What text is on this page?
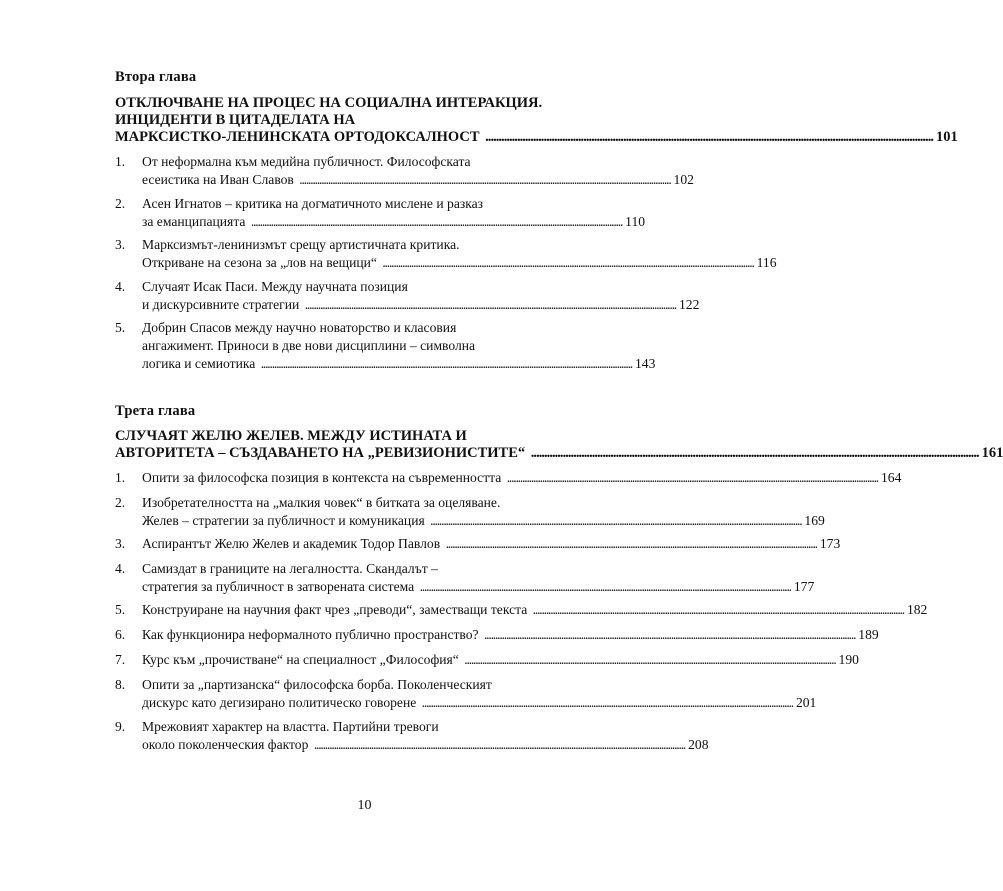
Втора глава
ОТКЛЮЧВАНЕ НА ПРОЦЕС НА СОЦИАЛНА ИНТЕРАКЦИЯ.
ИНЦИДЕНТИ В ЦИТАДЕЛАТА НА
МАРКСИСТКО-ЛЕНИНСКАТА ОРТОДОКСАЛНОСТ . . .	101
1. От неформална към медийна публичност. Философската
есеистика на Иван Славов . . .	102
2. Асен Игнатов – критика на догматичното мислене и разказ
за еманципацията . . .	110
3. Марксизмът-ленинизмът срещу артистичната критика.
Откриване на сезона за „лов на вещици“ . . .	116
4. Случаят Исак Паси. Между научната позиция
и дискурсивните стратегии . . .	122
5. Добрин Спасов между научно новаторство и класовия
ангажимент. Приноси в две нови дисциплини – символна
логика и семиотика . . .	143
Трета глава
СЛУЧАЯТ ЖЕЛЮ ЖЕЛЕВ. МЕЖДУ ИСТИНАТА И
АВТОРИТЕТА – СЪЗДАВАНЕТО НА „РЕВИЗИОНИСТИТЕ“ . . .	161
1. Опити за философска позиция в контекста на съвременността . . .	164
2. Изобретателността на „малкия човек“ в битката за оцеляване.
Желев – стратегии за публичност и комуникация . . .	169
3. Аспирантът Желю Желев и академик Тодор Павлов . . .	173
4. Самиздат в границите на легалността. Скандалът –
стратегия за публичност в затворената система . . .	177
5. Конструиране на научния факт чрез „преводи“, заместващи текста . . .	182
6. Как функционира неформалното публично пространство? . . .	189
7. Курс към „прочистване“ на специалност „Философия“ . . .	190
8. Опити за „партизанска“ философска борба. Поколенческият
дискурс като дегизирано политическо говорене . . .	201
9. Мрежовият характер на властта. Партийни тревоги
около поколенческия фактор . . .	208
10
